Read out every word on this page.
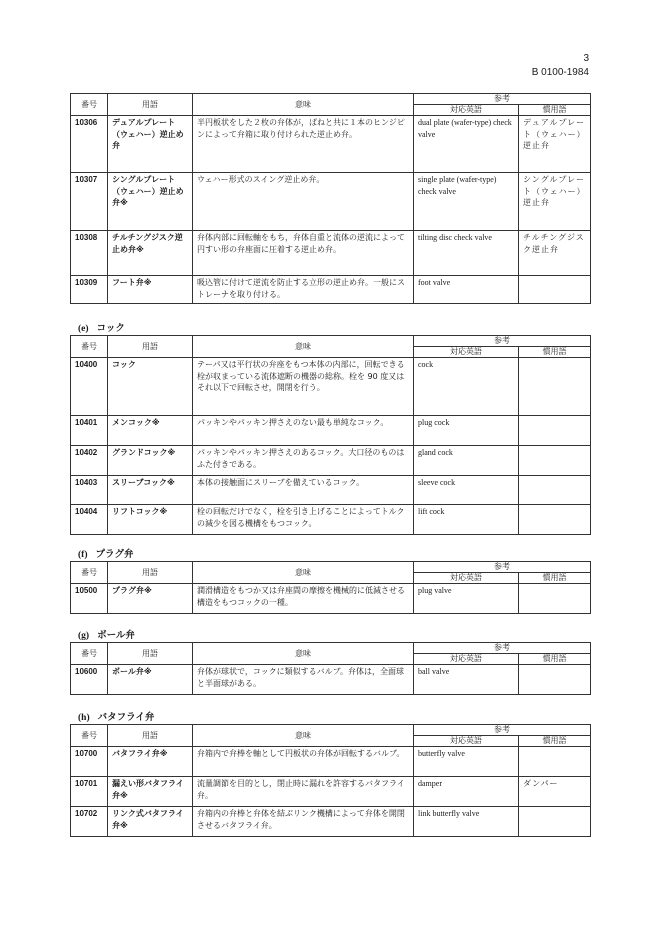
3
B 0100-1984
番号	用語	意味	参考	
			対応英語	慣用語
10306	デュアルプレート（ウェハー）逆止め弁	半円板状をした２枚の弁体が，ばねと共に１本のヒンジピンによって弁箱に取り付けられた逆止め弁。	dual plate (wafer-type) check valve	デュアルプレート（ウェハー）逆止弁
10307	シングルプレート（ウェハー）逆止め弁※	ウェハー形式のスイング逆止め弁。	single plate (wafer-type) check valve	シングルプレート（ウェハー）逆止弁
10308	チルチングジスク逆止め弁※	弁体内部に回転軸をもち，弁体自重と流体の逆流によって円すい形の弁座面に圧着する逆止め弁。	tilting disc check valve	チルチングジスク逆止弁
10309	フート弁※	吸込管に付けて逆流を防止する立形の逆止め弁。一般にストレーナを取り付ける。	foot valve	
(e) コック
番号	用語	意味	参考	
			対応英語	慣用語
10400	コック	テーパ又は平行状の弁座をもつ本体の内部に，回転できる栓が収まっている流体遮断の機器の総称。栓を 90 度又はそれ以下で回転させ，開閉を行う。	cock	
10401	メンコック※	パッキンやパッキン押さえのない最も単純なコック。	plug cock	
10402	グランドコック※	パッキンやパッキン押さえのあるコック。大口径のものはふた付きである。	gland cock	
10403	スリーブコック※	本体の接触面にスリーブを備えているコック。	sleeve cock	
10404	リフトコック※	栓の回転だけでなく，栓を引き上げることによってトルクの減少を図る機構をもつコック。	lift cock	
(f) プラグ弁
番号	用語	意味	参考	
			対応英語	慣用語
10500	プラグ弁※	潤滑構造をもつか又は弁座間の摩擦を機械的に低減させる構造をもつコックの一種。	plug valve	
(g) ボール弁
番号	用語	意味	参考	
			対応英語	慣用語
10600	ボール弁※	弁体が球状で，コックに類似するバルブ。弁体は，全面球と半面球がある。	ball valve	
(h) バタフライ弁
番号	用語	意味	参考	
			対応英語	慣用語
10700	バタフライ弁※	弁箱内で弁棒を軸として円板状の弁体が回転するバルブ。	butterfly valve	
10701	漏えい形バタフライ弁※	流量調節を目的とし，閉止時に漏れを許容するバタフライ弁。	damper	ダンパー
10702	リンク式バタフライ弁※	弁箱内の弁棒と弁体を結ぶリンク機構によって弁体を開閉させるバタフライ弁。	link butterfly valve	
